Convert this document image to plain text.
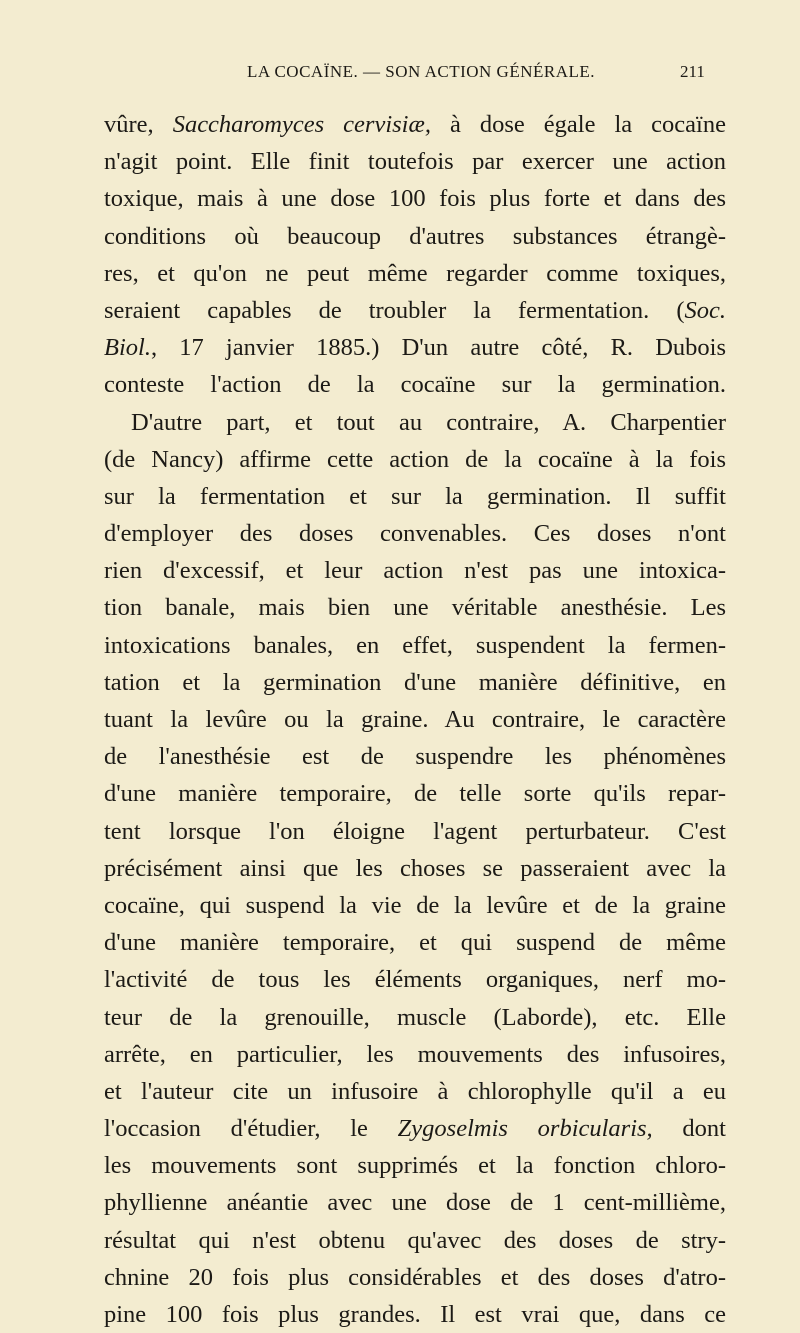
LA COCAÏNE. — SON ACTION GÉNÉRALE.	211
vûre, Saccharomyces cervisiæ, à dose égale la cocaïne
n'agit point. Elle finit toutefois par exercer une action
toxique, mais à une dose 100 fois plus forte et dans des
conditions où beaucoup d'autres substances étrangè-
res, et qu'on ne peut même regarder comme toxiques,
seraient capables de troubler la fermentation. (Soc.
Biol., 17 janvier 1885.) D'un autre côté, R. Dubois
conteste l'action de la cocaïne sur la germination.
D'autre part, et tout au contraire, A. Charpentier
(de Nancy) affirme cette action de la cocaïne à la fois
sur la fermentation et sur la germination. Il suffit
d'employer des doses convenables. Ces doses n'ont
rien d'excessif, et leur action n'est pas une intoxica-
tion banale, mais bien une véritable anesthésie. Les
intoxications banales, en effet, suspendent la fermen-
tation et la germination d'une manière définitive, en
tuant la levûre ou la graine. Au contraire, le caractère
de l'anesthésie est de suspendre les phénomènes
d'une manière temporaire, de telle sorte qu'ils repar-
tent lorsque l'on éloigne l'agent perturbateur. C'est
précisément ainsi que les choses se passeraient avec la
cocaïne, qui suspend la vie de la levûre et de la graine
d'une manière temporaire, et qui suspend de même
l'activité de tous les éléments organiques, nerf mo-
teur de la grenouille, muscle (Laborde), etc. Elle
arrête, en particulier, les mouvements des infusoires,
et l'auteur cite un infusoire à chlorophylle qu'il a eu
l'occasion d'étudier, le Zygoselmis orbicularis, dont
les mouvements sont supprimés et la fonction chloro-
phyllienne anéantie avec une dose de 1 cent-millième,
résultat qui n'est obtenu qu'avec des doses de stry-
chnine 20 fois plus considérables et des doses d'atro-
pine 100 fois plus grandes. Il est vrai que, dans ce
